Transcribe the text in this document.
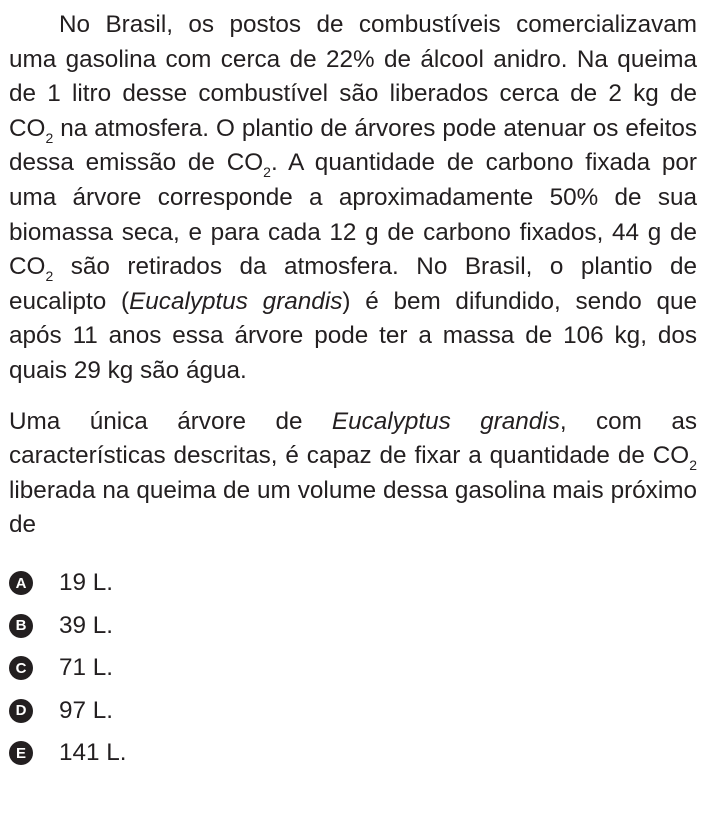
No Brasil, os postos de combustíveis comercializavam uma gasolina com cerca de 22% de álcool anidro. Na queima de 1 litro desse combustível são liberados cerca de 2 kg de $CO_2$ na atmosfera. O plantio de árvores pode atenuar os efeitos dessa emissão de $CO_2$. A quantidade de carbono fixada por uma árvore corresponde a aproximadamente 50% de sua biomassa seca, e para cada 12 g de carbono fixados, 44 g de $CO_2$ são retirados da atmosfera. No Brasil, o plantio de eucalipto (Eucalyptus grandis) é bem difundido, sendo que após 11 anos essa árvore pode ter a massa de 106 kg, dos quais 29 kg são água.

Uma única árvore de Eucalyptus grandis, com as características descritas, é capaz de fixar a quantidade de $CO_2$ liberada na queima de um volume dessa gasolina mais próximo de

A 19 L.
B 39 L.
C 71 L.
D 97 L.
E 141 L.
